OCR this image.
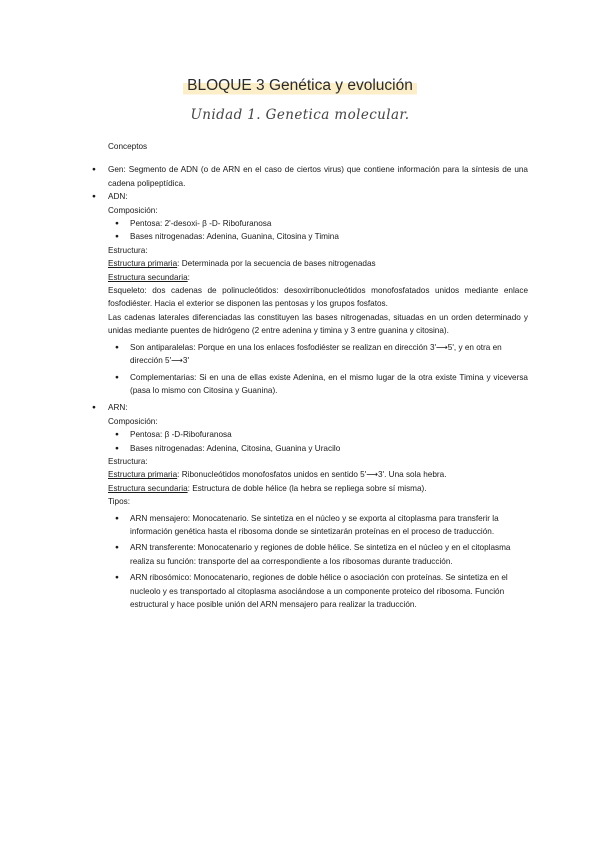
BLOQUE 3 Genética y evolución
Unidad 1. Genetica molecular.

Conceptos

● Gen: Segmento de ADN (o de ARN en el caso de ciertos virus) que contiene información para la síntesis de una cadena polipeptídica.

● ADN:

Composición:

● Pentosa: 2'-desoxi- β -D- Ribofuranosa

● Bases nitrogenadas: Adenina, Guanina, Citosina y Timina

Estructura:

Estructura primaria: Determinada por la secuencia de bases nitrogenadas

Estructura secundaria:

Esqueleto: dos cadenas de polinucleótidos: desoxirribonucleótidos monofosfatados unidos mediante enlace fosfodiéster. Hacia el exterior se disponen las pentosas y los grupos fosfatos.

Las cadenas laterales diferenciadas las constituyen las bases nitrogenadas, situadas en un orden determinado y unidas mediante puentes de hidrógeno (2 entre adenina y timina y 3 entre guanina y citosina).

● Son antiparalelas: Porque en una los enlaces fosfodiéster se realizan en dirección 3'⟶5', y en otra en dirección 5'⟶3'

● Complementarias: Si en una de ellas existe Adenina, en el mismo lugar de la otra existe Timina y viceversa (pasa lo mismo con Citosina y Guanina).

● ARN:

Composición:

● Pentosa: β -D-Ribofuranosa

● Bases nitrogenadas: Adenina, Citosina, Guanina y Uracilo

Estructura:

Estructura primaria: Ribonucleótidos monofosfatos unidos en sentido 5'⟶3'. Una sola hebra.

Estructura secundaria: Estructura de doble hélice (la hebra se repliega sobre sí misma).

Tipos:

● ARN mensajero: Monocatenario. Se sintetiza en el núcleo y se exporta al citoplasma para transferir la información genética hasta el ribosoma donde se sintetizarán proteínas en el proceso de traducción.

● ARN transferente: Monocatenario y regiones de doble hélice. Se sintetiza en el núcleo y en el citoplasma realiza su función: transporte del aa correspondiente a los ribosomas durante traducción.

● ARN ribosómico: Monocatenario, regiones de doble hélice o asociación con proteínas. Se sintetiza en el nucleolo y es transportado al citoplasma asociándose a un componente proteico del ribosoma. Función estructural y hace posible unión del ARN mensajero para realizar la traducción.
